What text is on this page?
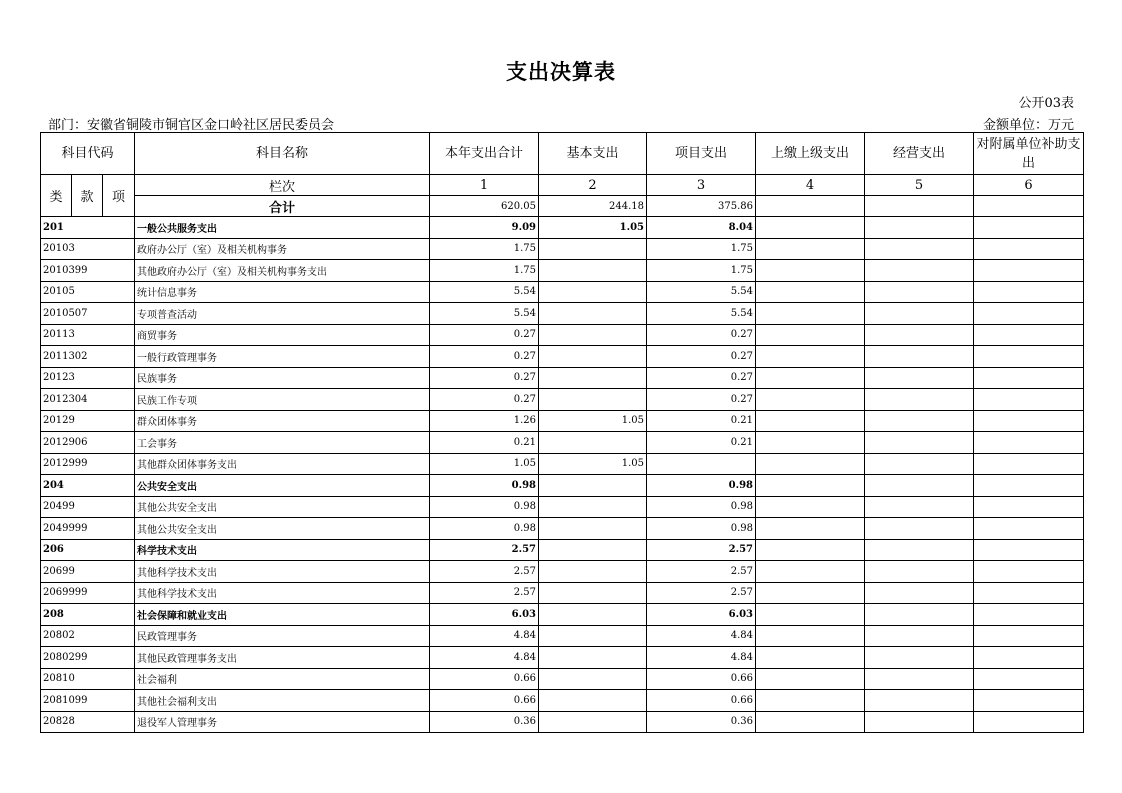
支出决算表
公开03表
部门：安徽省铜陵市铜官区金口岭社区居民委员会	金额单位：万元
科目代码			科目名称	本年支出合计	基本支出	项目支出	上缴上级支出	经营支出	对附属单位补助支出
类	款	项	栏次	1	2	3	4	5	6
			合计	620.05	244.18	375.86			
201			一般公共服务支出	9.09	1.05	8.04			
20103			政府办公厅（室）及相关机构事务	1.75		1.75			
2010399			其他政府办公厅（室）及相关机构事务支出	1.75		1.75			
20105			统计信息事务	5.54		5.54			
2010507			专项普查活动	5.54		5.54			
20113			商贸事务	0.27		0.27			
2011302			一般行政管理事务	0.27		0.27			
20123			民族事务	0.27		0.27			
2012304			民族工作专项	0.27		0.27			
20129			群众团体事务	1.26	1.05	0.21			
2012906			工会事务	0.21		0.21			
2012999			其他群众团体事务支出	1.05	1.05				
204			公共安全支出	0.98		0.98			
20499			其他公共安全支出	0.98		0.98			
2049999			其他公共安全支出	0.98		0.98			
206			科学技术支出	2.57		2.57			
20699			其他科学技术支出	2.57		2.57			
2069999			其他科学技术支出	2.57		2.57			
208			社会保障和就业支出	6.03		6.03			
20802			民政管理事务	4.84		4.84			
2080299			其他民政管理事务支出	4.84		4.84			
20810			社会福利	0.66		0.66			
2081099			其他社会福利支出	0.66		0.66			
20828			退役军人管理事务	0.36		0.36			
